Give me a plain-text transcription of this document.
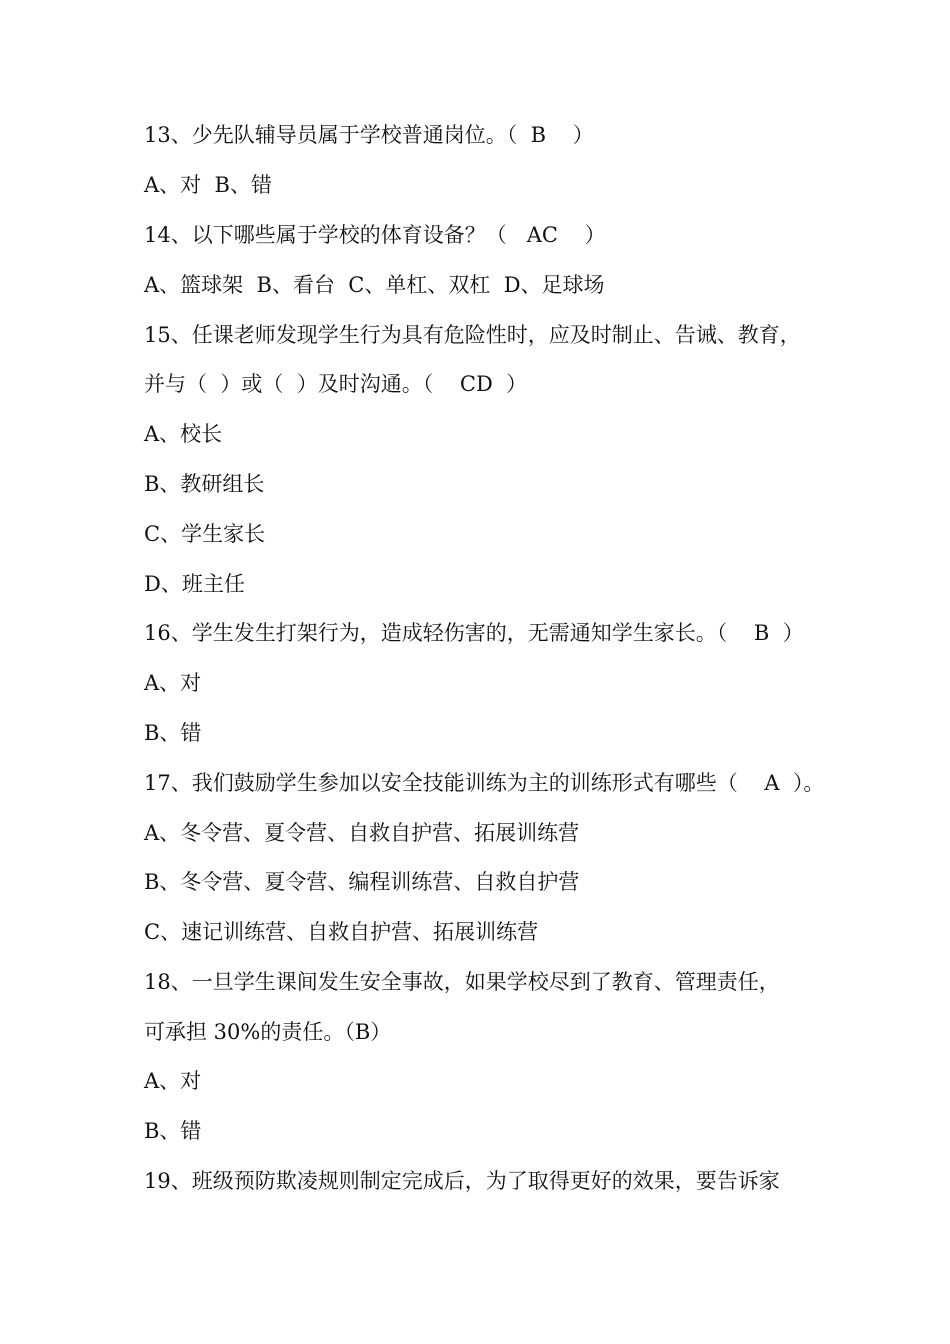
13、少先队辅导员属于学校普通岗位。（  B    ）

A、对  B、错

14、以下哪些属于学校的体育设备？（   AC    ）

A、篮球架  B、看台  C、单杠、双杠  D、足球场

15、任课老师发现学生行为具有危险性时，应及时制止、告诫、教育，

并与（  ）或（  ）及时沟通。（    CD  ）

A、校长

B、教研组长

C、学生家长

D、班主任

16、学生发生打架行为，造成轻伤害的，无需通知学生家长。（    B  ）

A、对

B、错

17、我们鼓励学生参加以安全技能训练为主的训练形式有哪些（    A  ）。

A、冬令营、夏令营、自救自护营、拓展训练营

B、冬令营、夏令营、编程训练营、自救自护营

C、速记训练营、自救自护营、拓展训练营

18、一旦学生课间发生安全事故，如果学校尽到了教育、管理责任，

可承担 30%的责任。（B）

A、对

B、错

19、班级预防欺凌规则制定完成后，为了取得更好的效果，要告诉家
